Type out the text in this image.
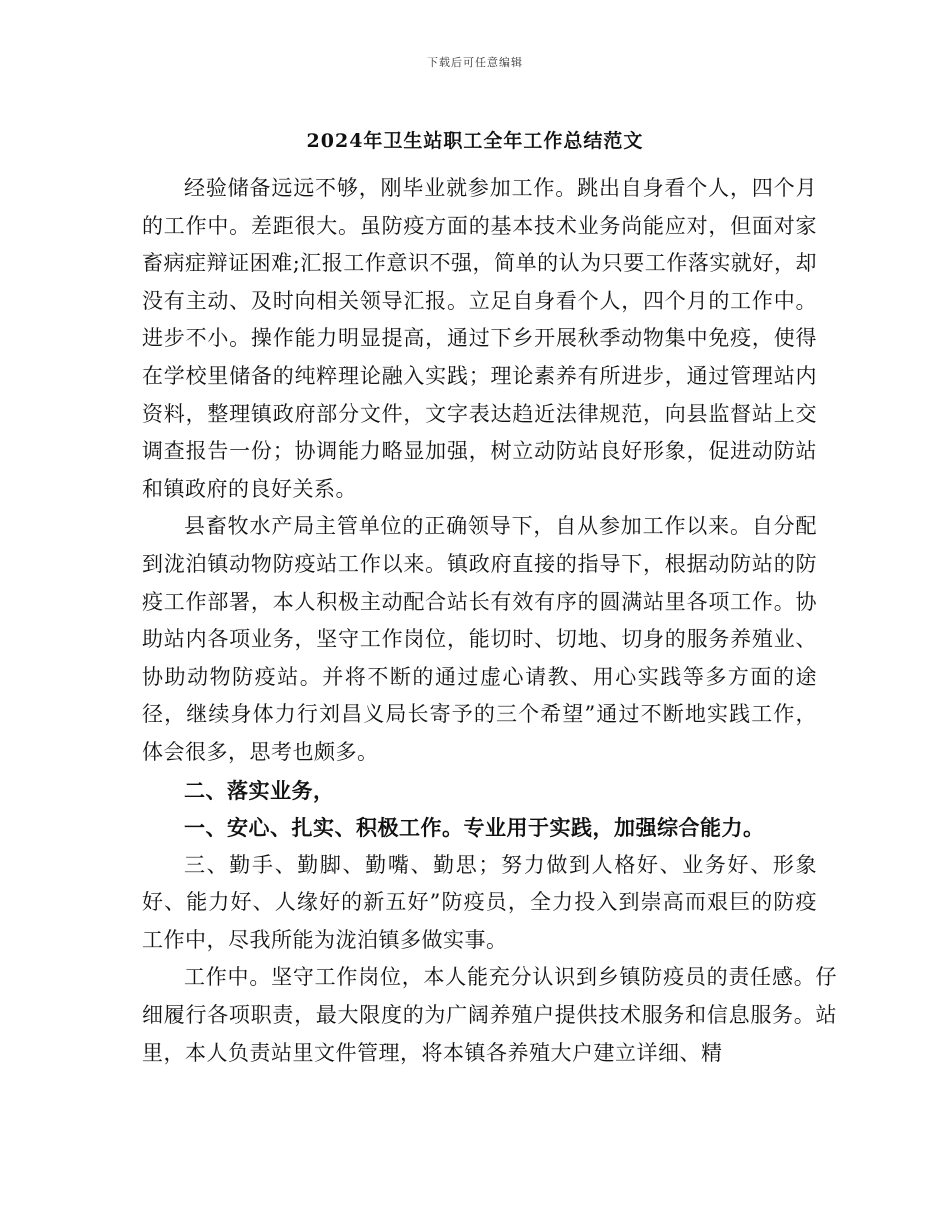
下载后可任意编辑
2024年卫生站职工全年工作总结范文

经验储备远远不够，刚毕业就参加工作。跳出自身看个人，四个月的工作中。差距很大。虽防疫方面的基本技术业务尚能应对，但面对家畜病症辩证困难;汇报工作意识不强，简单的认为只要工作落实就好，却没有主动、及时向相关领导汇报。立足自身看个人，四个月的工作中。进步不小。操作能力明显提高，通过下乡开展秋季动物集中免疫，使得在学校里储备的纯粹理论融入实践；理论素养有所进步，通过管理站内资料，整理镇政府部分文件，文字表达趋近法律规范，向县监督站上交调查报告一份；协调能力略显加强，树立动防站良好形象，促进动防站和镇政府的良好关系。

县畜牧水产局主管单位的正确领导下，自从参加工作以来。自分配到泷泊镇动物防疫站工作以来。镇政府直接的指导下，根据动防站的防疫工作部署，本人积极主动配合站长有效有序的圆满站里各项工作。协助站内各项业务，坚守工作岗位，能切时、切地、切身的服务养殖业、协助动物防疫站。并将不断的通过虚心请教、用心实践等多方面的途径，继续身体力行刘昌义局长寄予的三个希望”通过不断地实践工作，体会很多，思考也颇多。

二、落实业务，

一、安心、扎实、积极工作。专业用于实践，加强综合能力。

三、勤手、勤脚、勤嘴、勤思；努力做到人格好、业务好、形象好、能力好、人缘好的新五好”防疫员，全力投入到崇高而艰巨的防疫工作中，尽我所能为泷泊镇多做实事。

工作中。坚守工作岗位，本人能充分认识到乡镇防疫员的责任感。仔细履行各项职责，最大限度的为广阔养殖户提供技术服务和信息服务。站里，本人负责站里文件管理，将本镇各养殖大户建立详细、精
